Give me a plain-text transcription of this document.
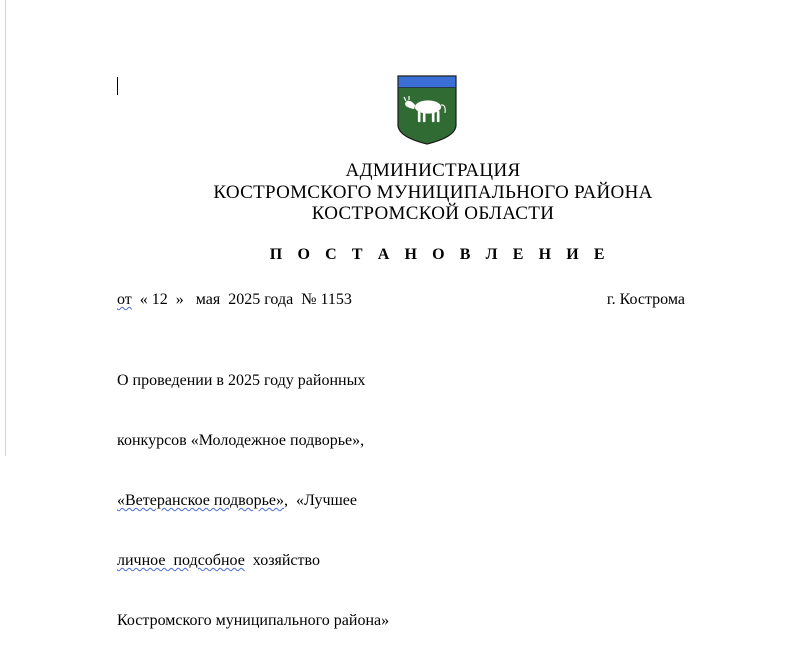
АДМИНИСТРАЦИЯ
КОСТРОМСКОГО МУНИЦИПАЛЬНОГО РАЙОНА
КОСТРОМСКОЙ ОБЛАСТИ
П О С Т А Н О В Л Е Н И Е

от  « 12  »   мая  2025 года  № 1153

	г. Кострома

О проведении в 2025 году районных

конкурсов «Молодежное подворье»,

«Ветеранское подворье»,  «Лучшее

личное  подсобное  хозяйство

Костромского муниципального района»
